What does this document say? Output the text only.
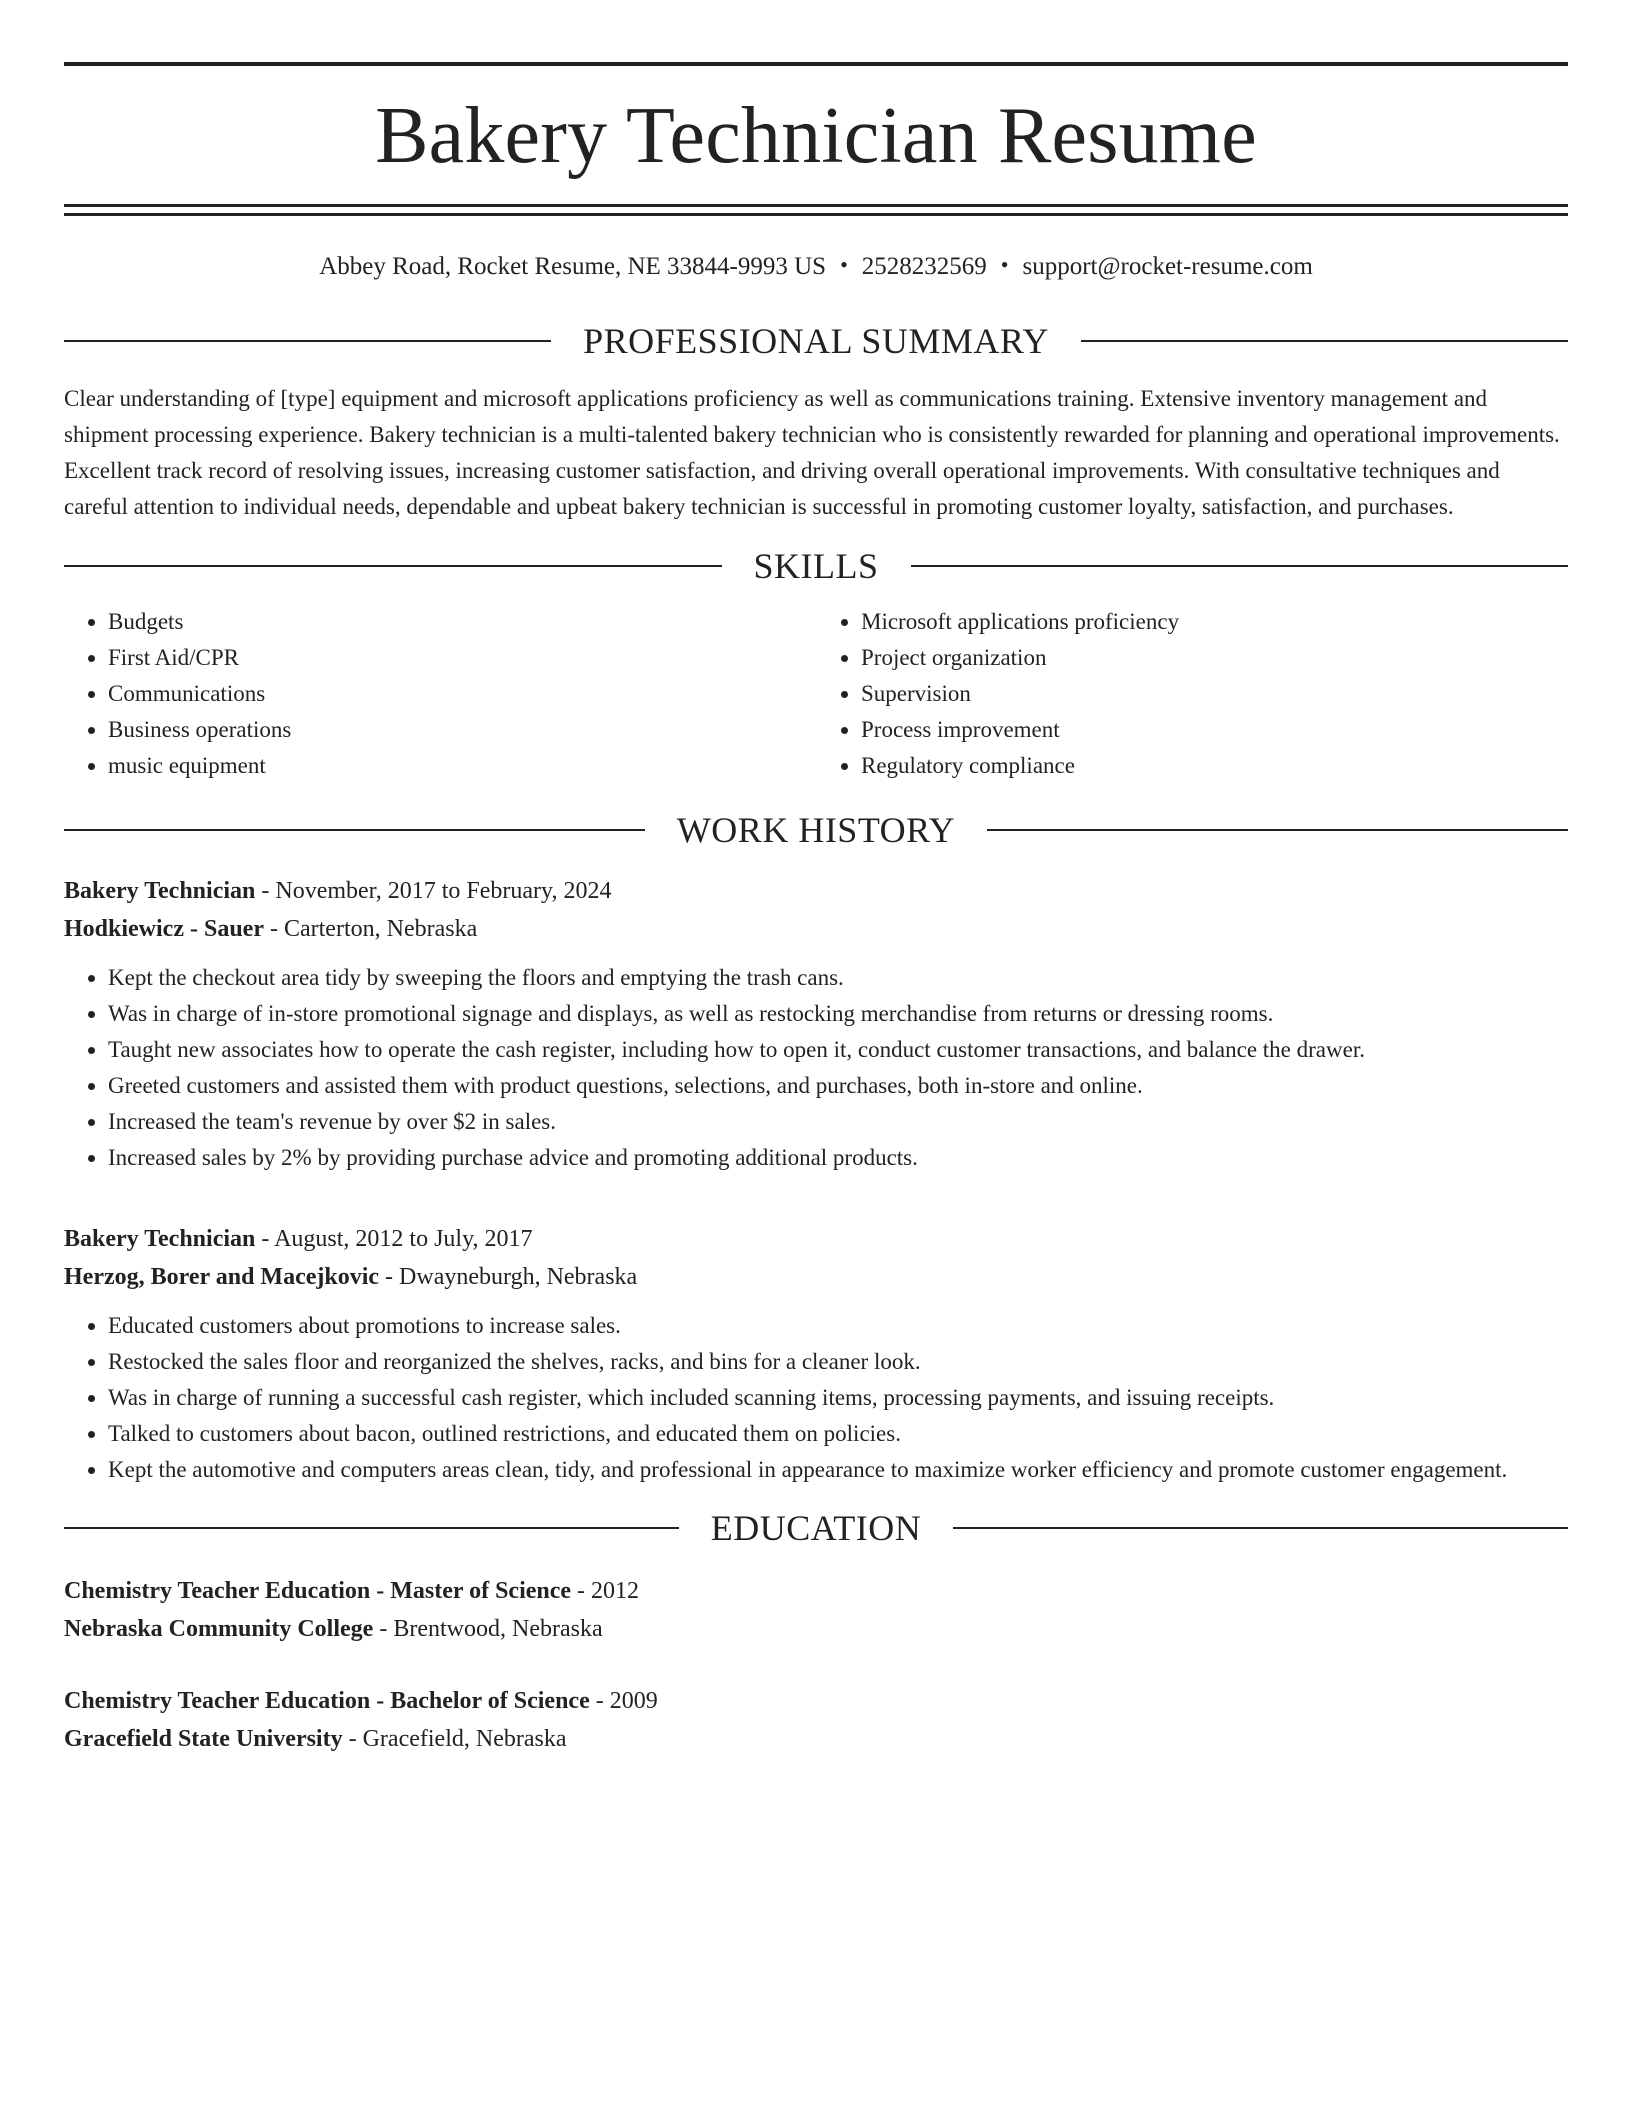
Bakery Technician Resume
Abbey Road, Rocket Resume, NE 33844-9993 US • 2528232569 • support@rocket-resume.com
PROFESSIONAL SUMMARY

Clear understanding of [type] equipment and microsoft applications proficiency as well as communications training. Extensive inventory management and shipment processing experience. Bakery technician is a multi-talented bakery technician who is consistently rewarded for planning and operational improvements. Excellent track record of resolving issues, increasing customer satisfaction, and driving overall operational improvements. With consultative techniques and careful attention to individual needs, dependable and upbeat bakery technician is successful in promoting customer loyalty, satisfaction, and purchases.

SKILLS
• Budgets
• First Aid/CPR
• Communications
• Business operations
• music equipment
• Microsoft applications proficiency
• Project organization
• Supervision
• Process improvement
• Regulatory compliance
WORK HISTORY
Bakery Technician - November, 2017 to February, 2024
Hodkiewicz - Sauer - Carterton, Nebraska
• Kept the checkout area tidy by sweeping the floors and emptying the trash cans.
• Was in charge of in-store promotional signage and displays, as well as restocking merchandise from returns or dressing rooms.
• Taught new associates how to operate the cash register, including how to open it, conduct customer transactions, and balance the drawer.
• Greeted customers and assisted them with product questions, selections, and purchases, both in-store and online.
• Increased the team's revenue by over $2 in sales.
• Increased sales by 2% by providing purchase advice and promoting additional products.
Bakery Technician - August, 2012 to July, 2017
Herzog, Borer and Macejkovic - Dwayneburgh, Nebraska
• Educated customers about promotions to increase sales.
• Restocked the sales floor and reorganized the shelves, racks, and bins for a cleaner look.
• Was in charge of running a successful cash register, which included scanning items, processing payments, and issuing receipts.
• Talked to customers about bacon, outlined restrictions, and educated them on policies.
• Kept the automotive and computers areas clean, tidy, and professional in appearance to maximize worker efficiency and promote customer engagement.
EDUCATION
Chemistry Teacher Education - Master of Science - 2012
Nebraska Community College - Brentwood, Nebraska
Chemistry Teacher Education - Bachelor of Science - 2009
Gracefield State University - Gracefield, Nebraska
